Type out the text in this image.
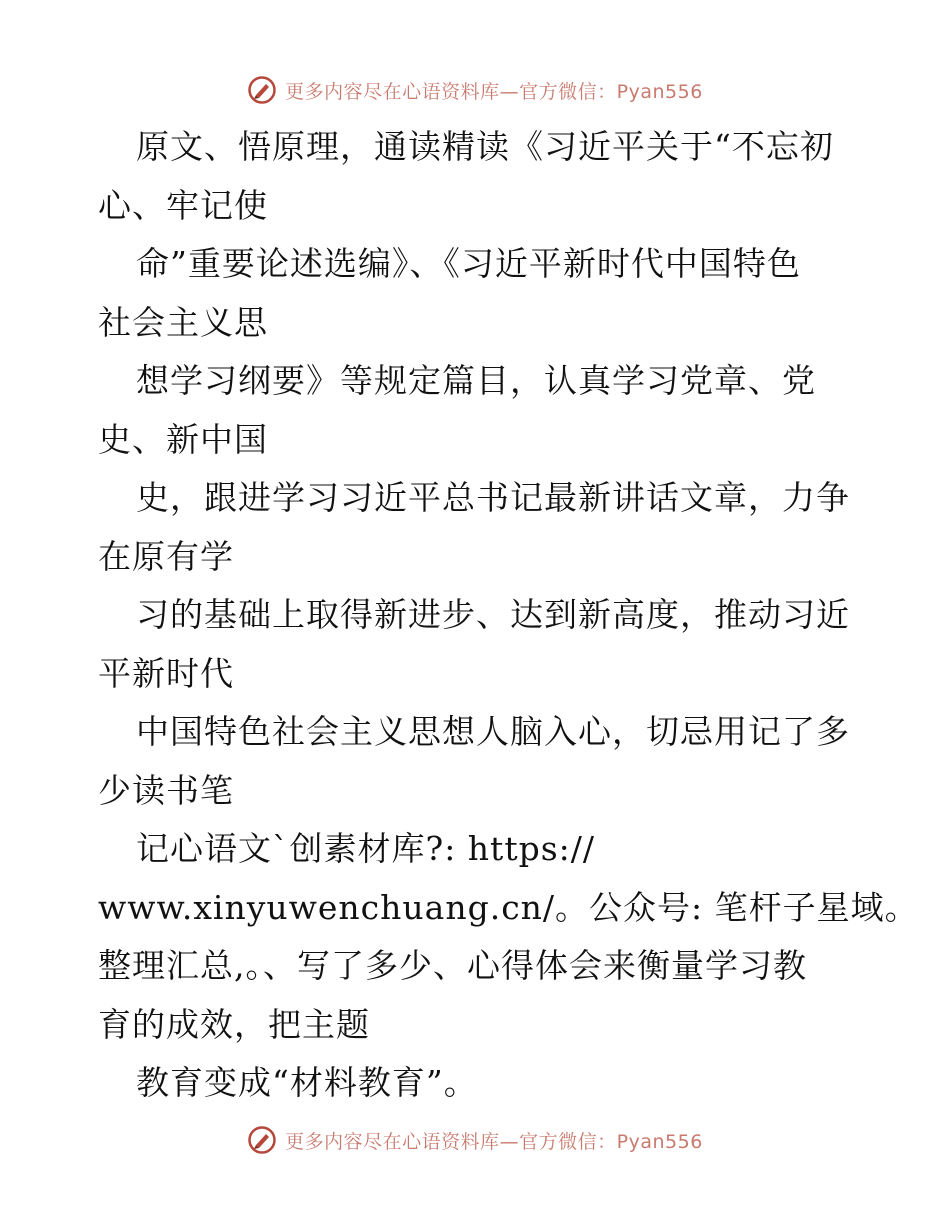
更多内容尽在心语资料库—官方微信：Pyan556
原文、悟原理，通读精读《习近平关于“不忘初
心、牢记使
命”重要论述选编》、《习近平新时代中国特色
社会主义思
想学习纲要》等规定篇目，认真学习党章、党
史、新中国
史，跟进学习习近平总书记最新讲话文章，力争
在原有学
习的基础上取得新进步、达到新高度，推动习近
平新时代
中国特色社会主义思想人脑入心，切忌用记了多
少读书笔
记心语文`创素材库?: https://
www.xinyuwenchuang.cn/。公众号: 笔杆子星域。
整理汇总,。、写了多少、心得体会来衡量学习教
育的成效，把主题
教育变成“材料教育”。
更多内容尽在心语资料库—官方微信：Pyan556
